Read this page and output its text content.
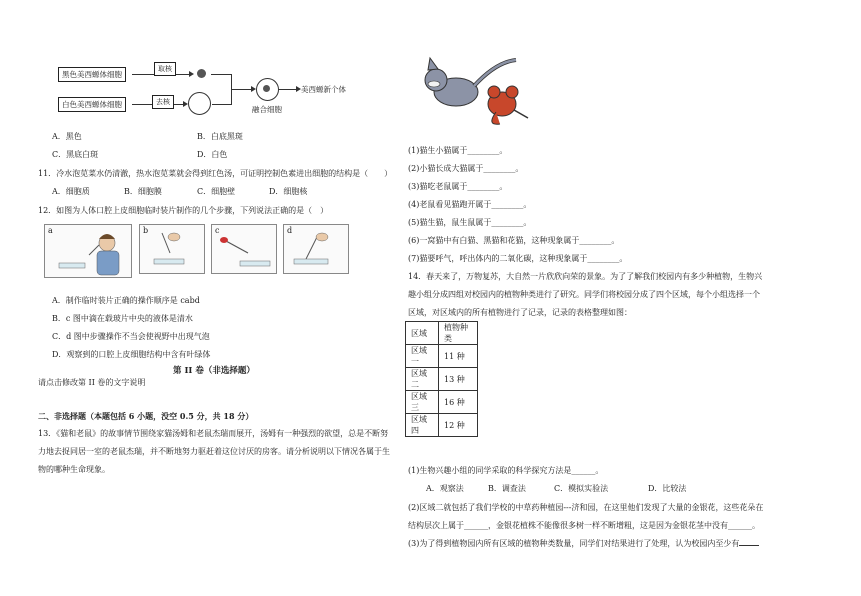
黑色美西螈体细胞
白色美西螈体细胞
取核
去核
融合细胞
美西螈新个体
A．黑色	B．白底黑斑
C．黑底白斑	D．白色
11．冷水泡苋菜水仍清澈，热水泡苋菜就会得到红色汤，可证明控制色素进出细胞的结构是（　　）
A．细胞质	B．细胞膜	C．细胞壁	D．细胞核
12．如图为人体口腔上皮细胞临时装片制作的几个步骤，下列说法正确的是（　）
a	b	c	d
A．制作临时装片正确的操作顺序是 cabd
B．c 图中滴在载玻片中央的液体是清水
C．d 图中步骤操作不当会使视野中出现气泡
D．观察到的口腔上皮细胞结构中含有叶绿体
第 II 卷（非选择题）
请点击修改第 II 卷的文字说明
二、非选择题（本题包括 6 小题，没空 0.5 分，共 18 分）
13．《猫和老鼠》的故事情节围绕家猫汤姆和老鼠杰瑞而展开，汤姆有一种强烈的欲望，总是不断努
力地去捉同居一室的老鼠杰瑞，并不断地努力驱赶着这位讨厌的房客。请分析说明以下情况各属于生
物的哪种生命现象。
(1)猫生小猫属于________。
(2)小猫长成大猫属于________。
(3)猫吃老鼠属于________。
(4)老鼠看见猫跑开属于________。
(5)猫生猫，鼠生鼠属于________。
(6)一窝猫中有白猫、黑猫和花猫，这种现象属于________。
(7)猫要呼气，呼出体内的二氧化碳，这种现象属于________。
14．春天来了，万物复苏，大自然一片欣欣向荣的景象。为了了解我们校园内有多少种植物，生物兴
趣小组分成四组对校园内的植物种类进行了研究。同学们将校园分成了四个区域，每个小组选择一个
区域，对区域内的所有植物进行了记录，记录的表格整理如图：
区域	植物种类
区域一	11 种
区域二	13 种
区域三	16 种
区域四	12 种
(1)生物兴趣小组的同学采取的科学探究方法是______。
A．观察法	B．调查法	C．模拟实验法	D．比较法
(2)区域二就包括了我们学校的中草药种植园---济和园，在这里他们发现了大量的金银花，这些花朵在
结构层次上属于______，金银花植株不能像很多树一样不断增粗，这是因为金银花茎中没有______。
(3)为了得到植物园内所有区域的植物种类数量，同学们对结果进行了处理，认为校园内至少有
